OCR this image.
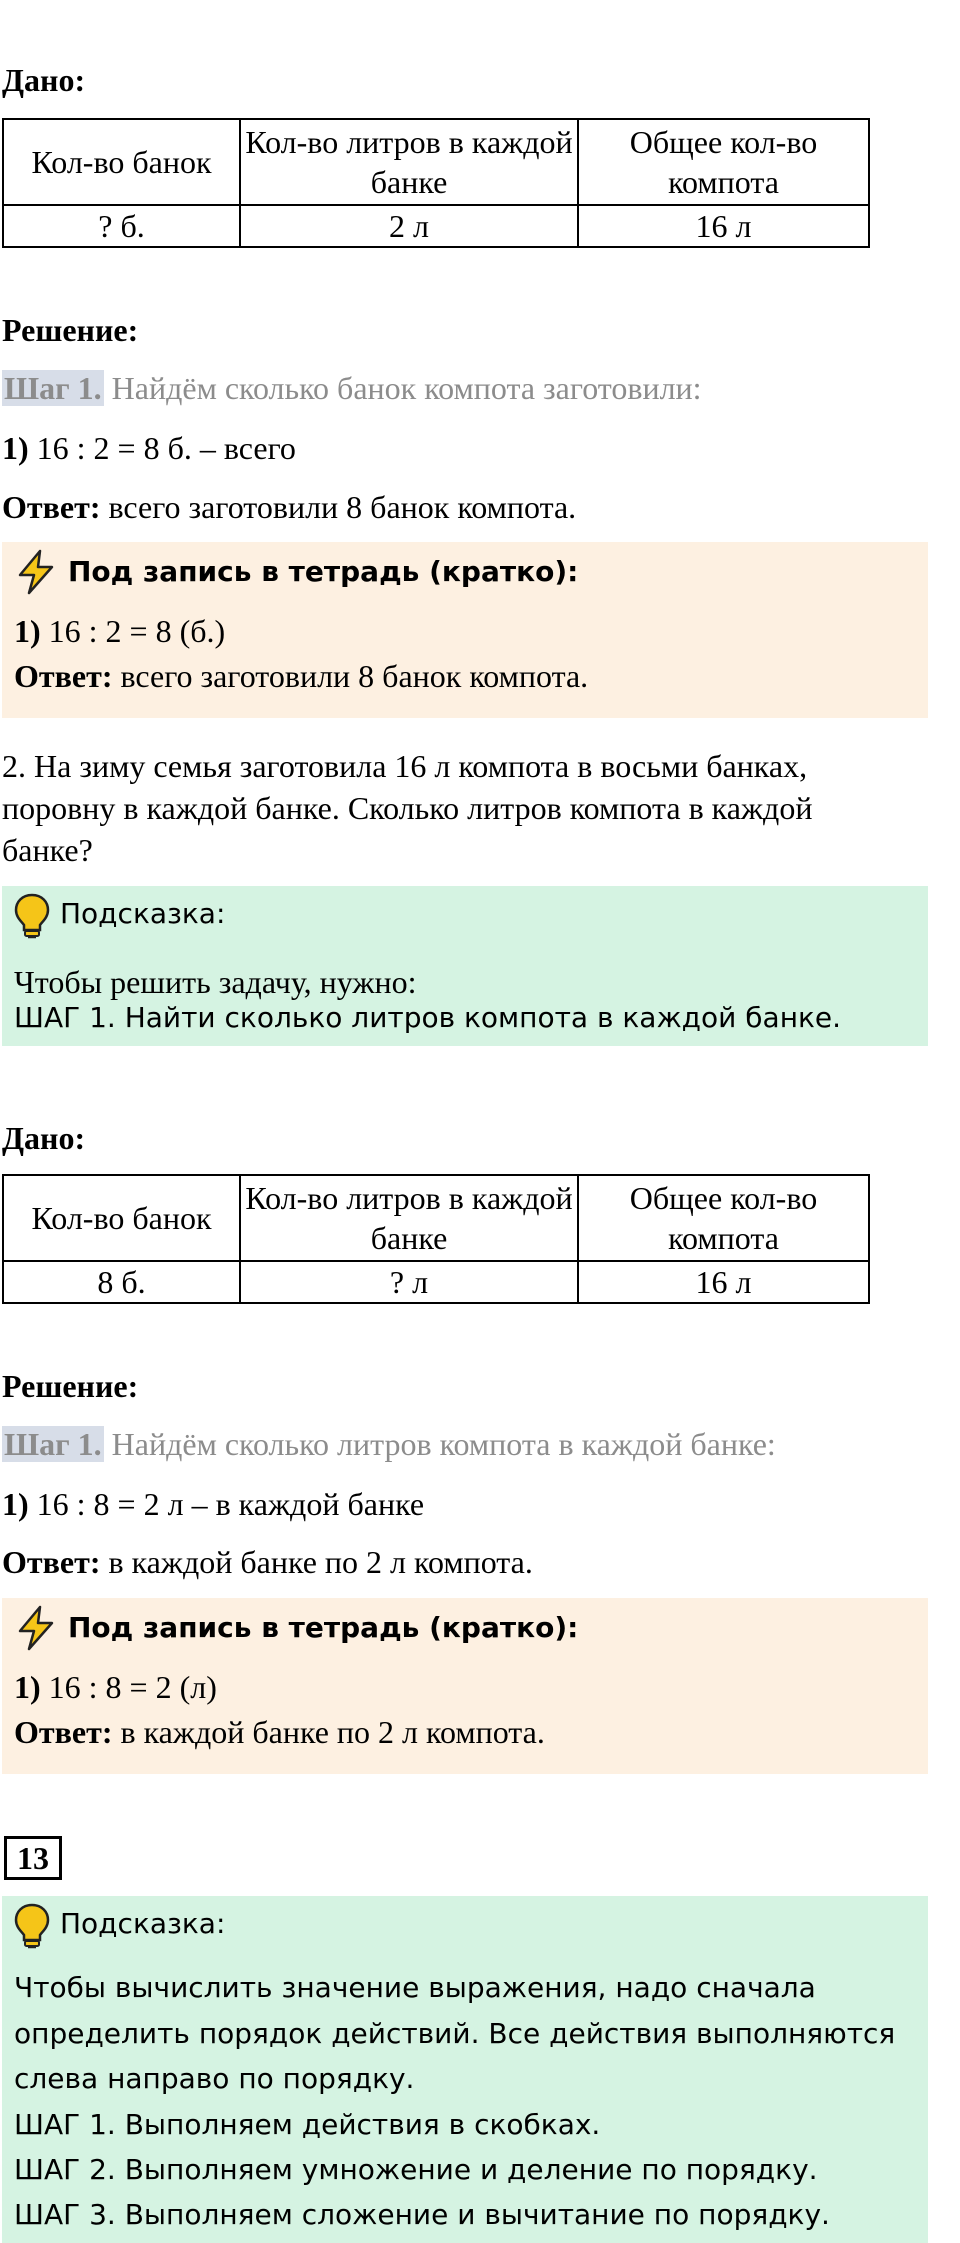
Дано:
Кол-во банок	Кол-во литров в каждой банке	Общее кол-во компота
? б.	2 л	16 л
Решение:
Шаг 1. Найдём сколько банок компота заготовили:
1) 16 : 2 = 8 б. – всего
Ответ: всего заготовили 8 банок компота.
Под запись в тетрадь (кратко):
1) 16 : 2 = 8 (б.)
Ответ: всего заготовили 8 банок компота.
2. На зиму семья заготовила 16 л компота в восьми банках,
поровну в каждой банке. Сколько литров компота в каждой
банке?
Подсказка:
Чтобы решить задачу, нужно:
ШАГ 1. Найти сколько литров компота в каждой банке.
Дано:
Кол-во банок	Кол-во литров в каждой банке	Общее кол-во компота
8 б.	? л	16 л
Решение:
Шаг 1. Найдём сколько литров компота в каждой банке:
1) 16 : 8 = 2 л – в каждой банке
Ответ: в каждой банке по 2 л компота.
Под запись в тетрадь (кратко):
1) 16 : 8 = 2 (л)
Ответ: в каждой банке по 2 л компота.
13
Подсказка:
Чтобы вычислить значение выражения, надо сначала
определить порядок действий. Все действия выполняются
слева направо по порядку.
ШАГ 1. Выполняем действия в скобках.
ШАГ 2. Выполняем умножение и деление по порядку.
ШАГ 3. Выполняем сложение и вычитание по порядку.
